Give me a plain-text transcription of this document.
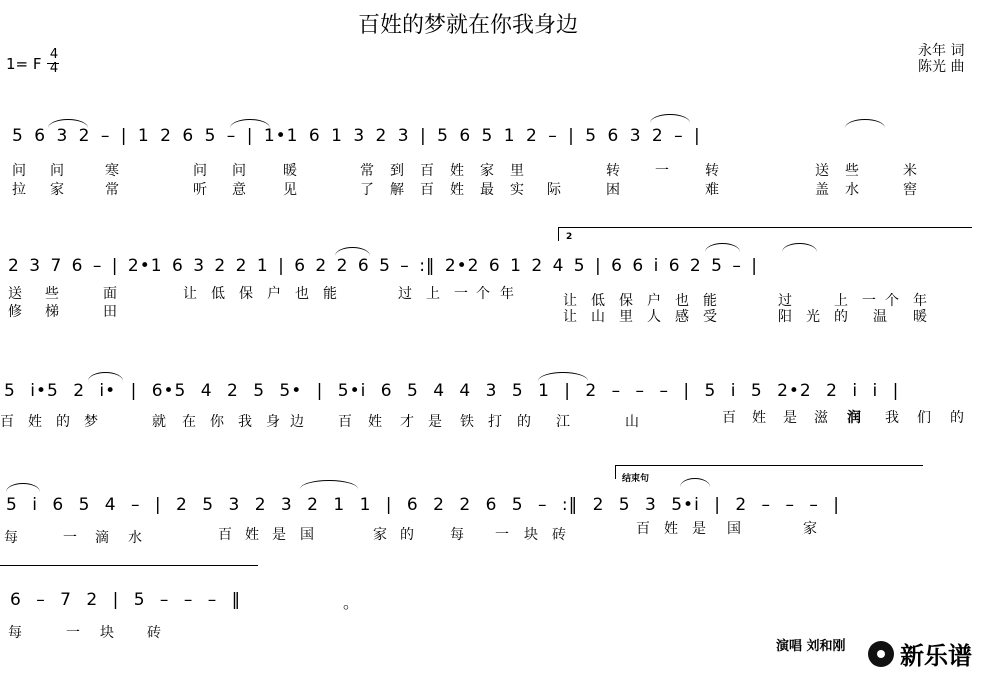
百姓的梦就在你我身边
1= F
4
4
永年 词
陈光 曲
5 6 3 2 – | 1 2 6 5 – | 1•1 6 1 3 2 3 | 5 6 5 1 2 – | 5 6 3 2 – |
问 问	寒	问 问	暖	常 到 百 姓 家 里	转	一	转	送 些	米
拉 家	常	听 意	见	了 解 百 姓 最 实 际	困	难	盖 水	窖
2
2 3 7 6 – | 2•1 6 3 2 2 1 | 6 2 2 6 5 – :‖ 2•2 6 1 2 4 5 | 6 6 i 6 2 5 – |
送 些	面	让 低 保 户 也 能	过 上 一 个 年	让 低 保 户 也 能	过	上 一 个 年
修 梯	田	让 山 里 人 感 受	阳 光 的 温 暖
5 i•5 2 i• | 6•5 4 2 5 5• | 5•i 6 5 4 4 3 5 1 | 2 – – – | 5 i 5 2•2 2 i i |
百 姓 的 梦	就 在 你 我 身 边 百 姓 才 是 铁 打 的 江	山	百 姓 是 滋 润 我 们 的
结束句
5 i 6 5 4 – | 2 5 3 2 3 2 1 1 | 6 2 2 6 5 – :‖ 2 5 3 5•i | 2 – – – |
每	一 滴 水	百 姓 是 国	家 的	每 一 块 砖	百 姓 是 国	家
6 – 7 2 | 5 – – – ‖	。
每	一 块 砖
演唱 刘和刚 新乐谱
